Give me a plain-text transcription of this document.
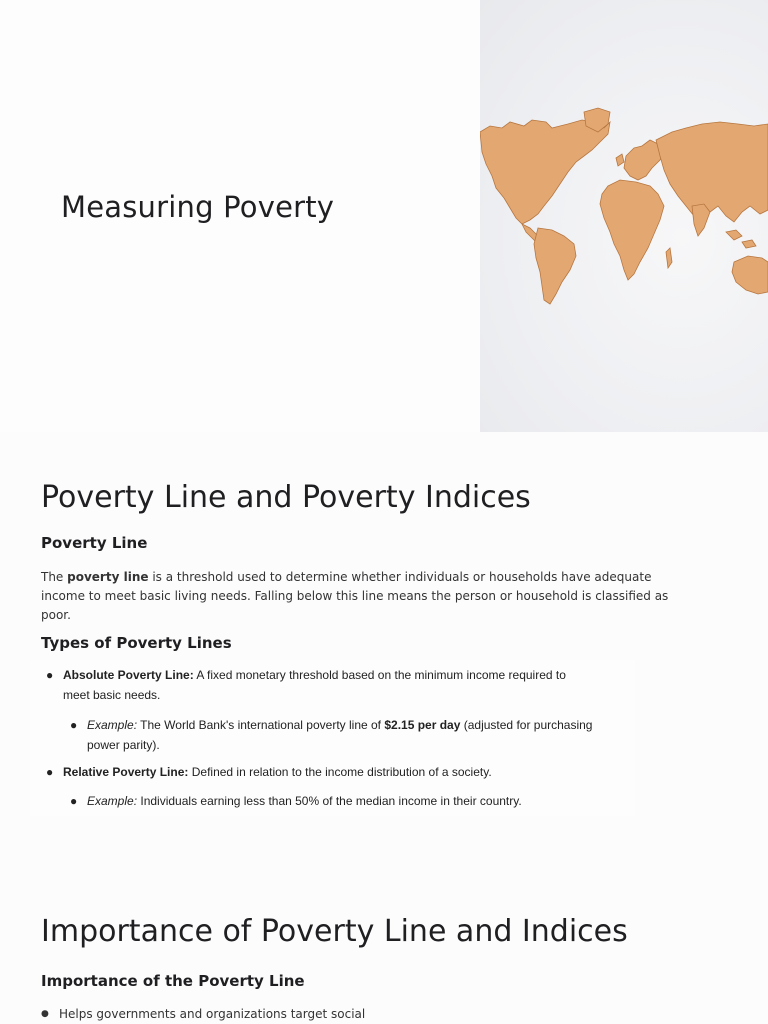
Measuring Poverty
Poverty Line and Poverty Indices
Poverty Line

The poverty line is a threshold used to determine whether individuals or households have adequate income to meet basic living needs. Falling below this line means the person or household is classified as poor.

Types of Poverty Lines
● Absolute Poverty Line: A fixed monetary threshold based on the minimum income required to
meet basic needs.
● Example: The World Bank's international poverty line of $2.15 per day (adjusted for purchasing
power parity).
● Relative Poverty Line: Defined in relation to the income distribution of a society.
● Example: Individuals earning less than 50% of the median income in their country.
Importance of Poverty Line and Indices
Importance of the Poverty Line

● Helps governments and organizations target social
